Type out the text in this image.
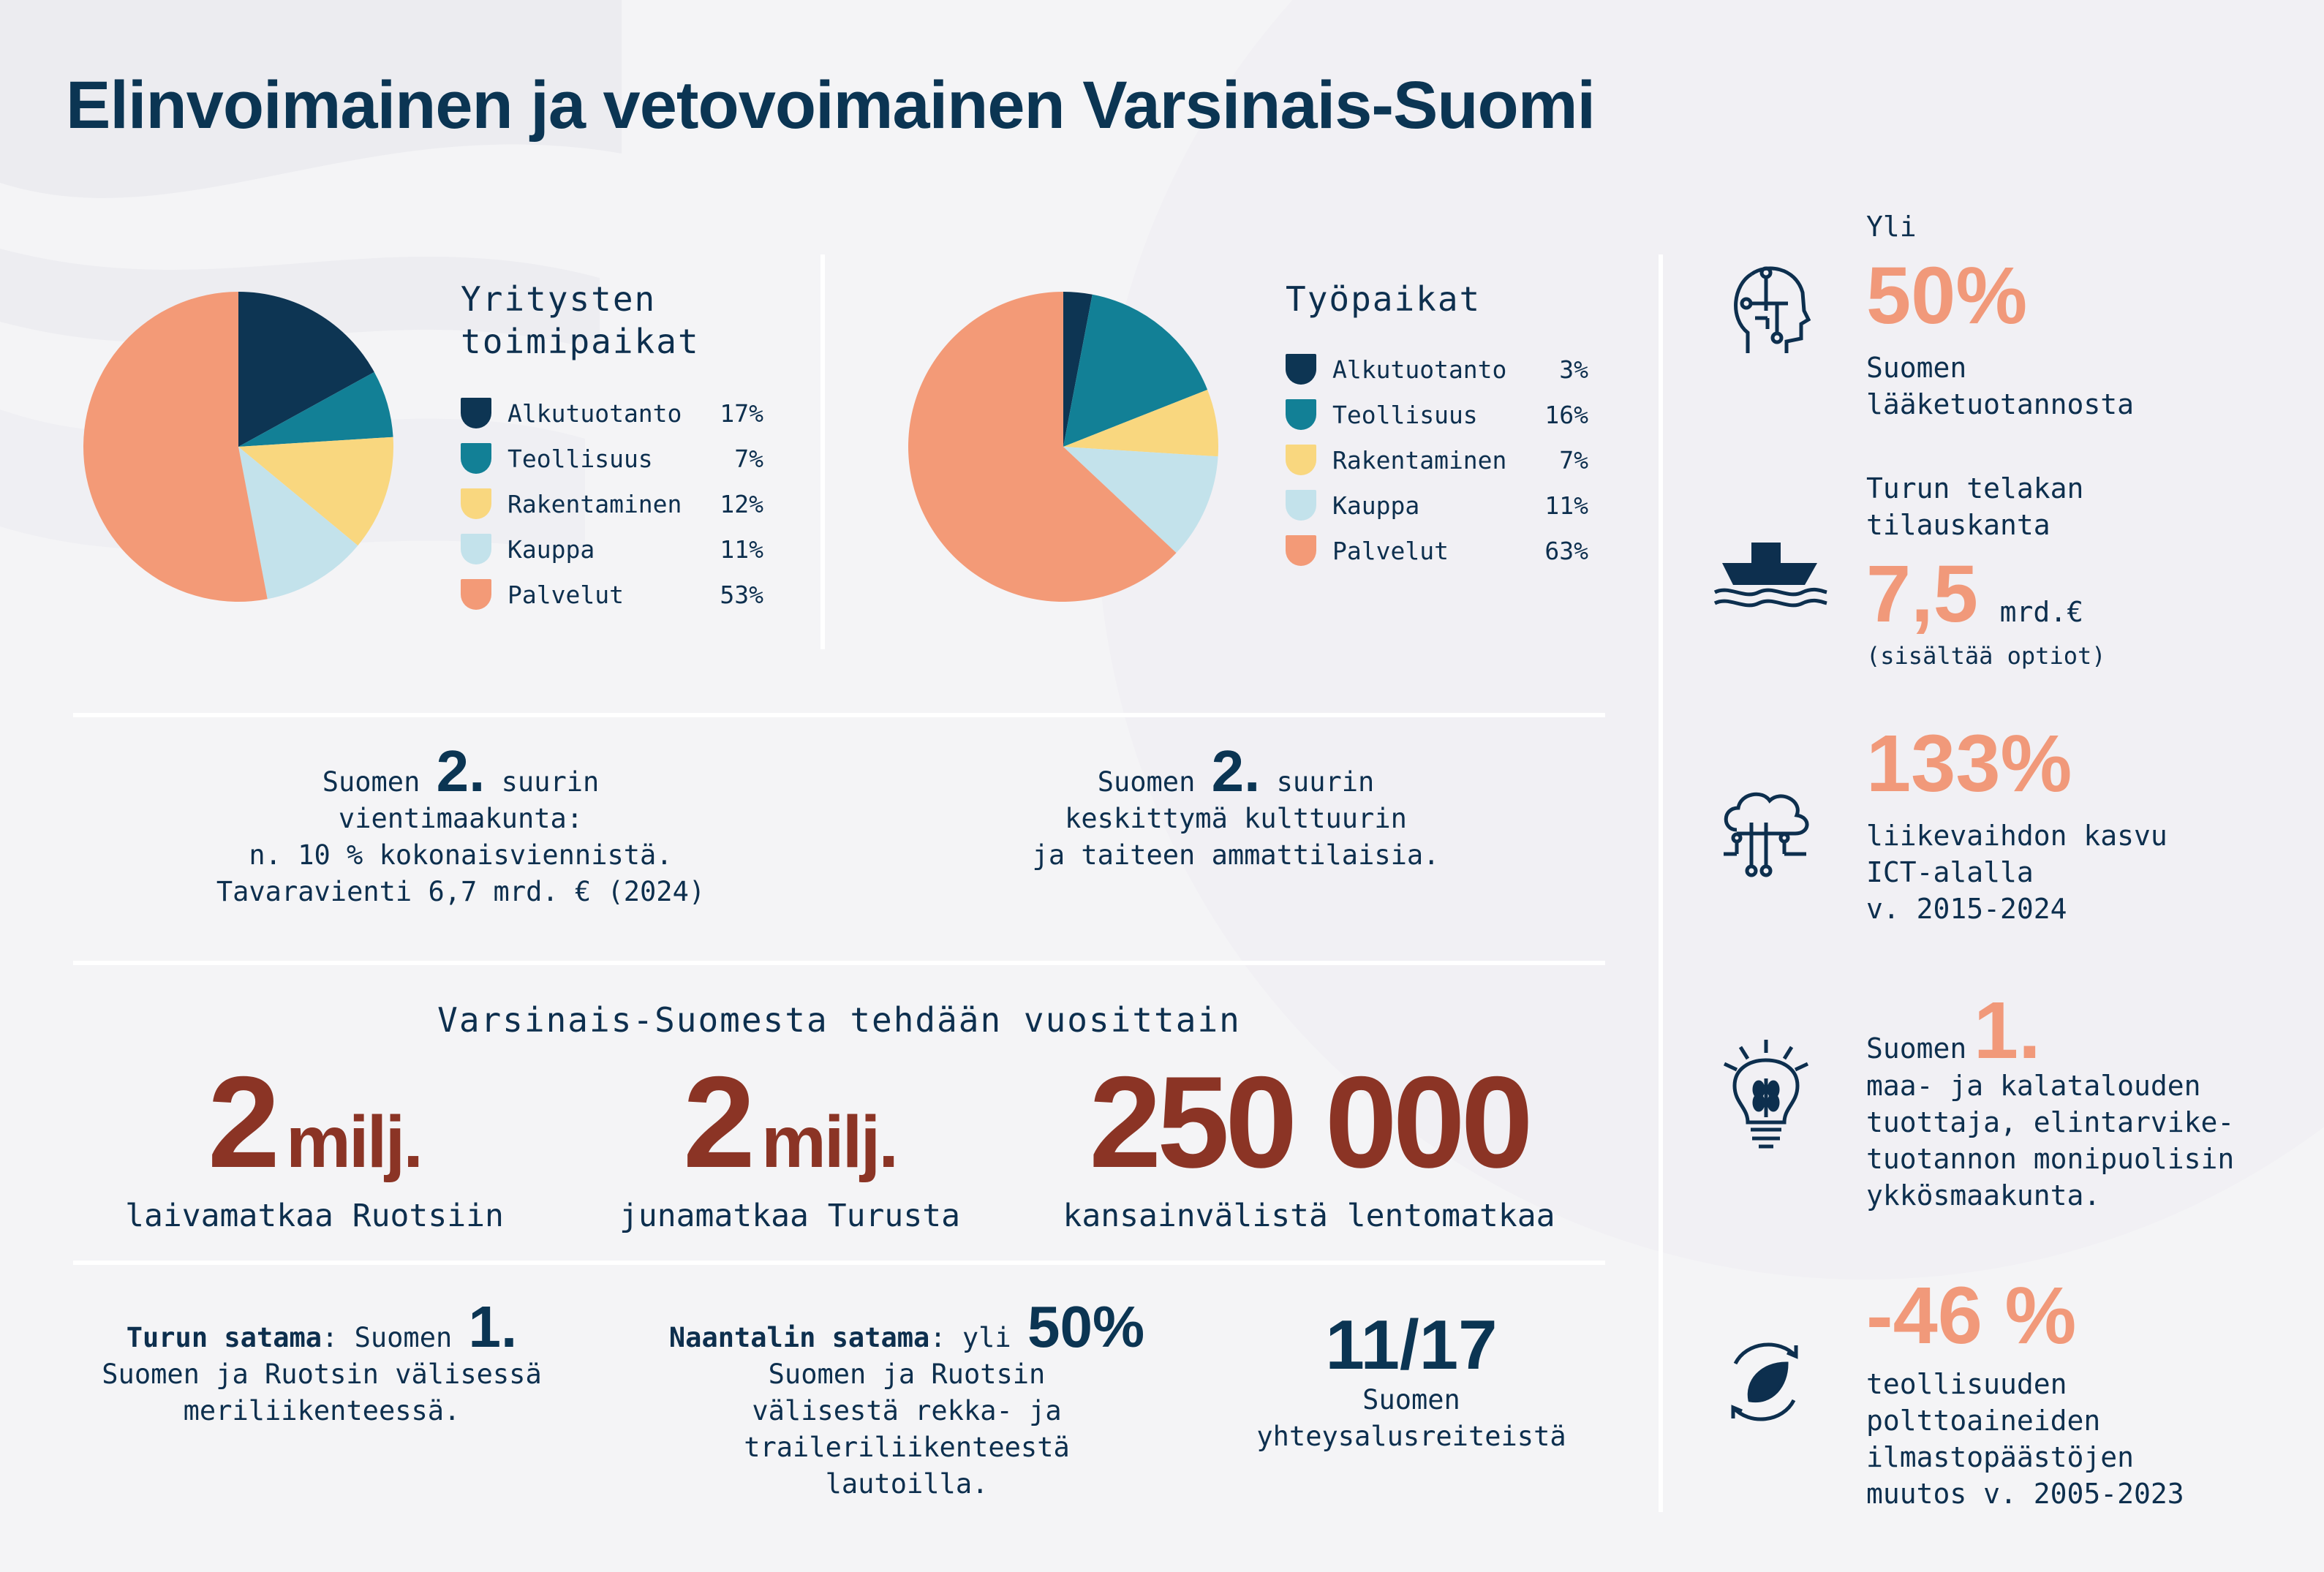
Elinvoimainen ja vetovoimainen Varsinais-Suomi
Yritysten
toimipaikat
Alkutuotanto	17%
Teollisuus	7%
Rakentaminen	12%
Kauppa	11%
Palvelut	53%
Työpaikat
Alkutuotanto	3%
Teollisuus	16%
Rakentaminen	7%
Kauppa	11%
Palvelut	63%
Suomen 2. suurin
vientimaakunta:
n. 10 % kokonaisviennistä.
Tavaravienti 6,7 mrd. € (2024)
Suomen 2. suurin
keskittymä kulttuurin
ja taiteen ammattilaisia.
Varsinais-Suomesta tehdään vuosittain
2 milj.
laivamatkaa Ruotsiin
2 milj.
junamatkaa Turusta
250 000
kansainvälistä lentomatkaa
Turun satama: Suomen 1.
Suomen ja Ruotsin välisessä
meriliikenteessä.
Naantalin satama: yli 50%
Suomen ja Ruotsin
välisestä rekka- ja
traileriliikenteestä
lautoilla.
11/17
Suomen
yhteysalusreiteistä
Yli
50%
Suomen
lääketuotannosta
Turun telakan
tilauskanta
7,5 mrd.€
(sisältää optiot)
133%
liikevaihdon kasvu
ICT-alalla
v. 2015-2024
Suomen 1.
maa- ja kalatalouden
tuottaja, elintarvike-
tuotannon monipuolisin
ykkösmaakunta.
-46 %
teollisuuden
polttoaineiden
ilmastopäästöjen
muutos v. 2005-2023
